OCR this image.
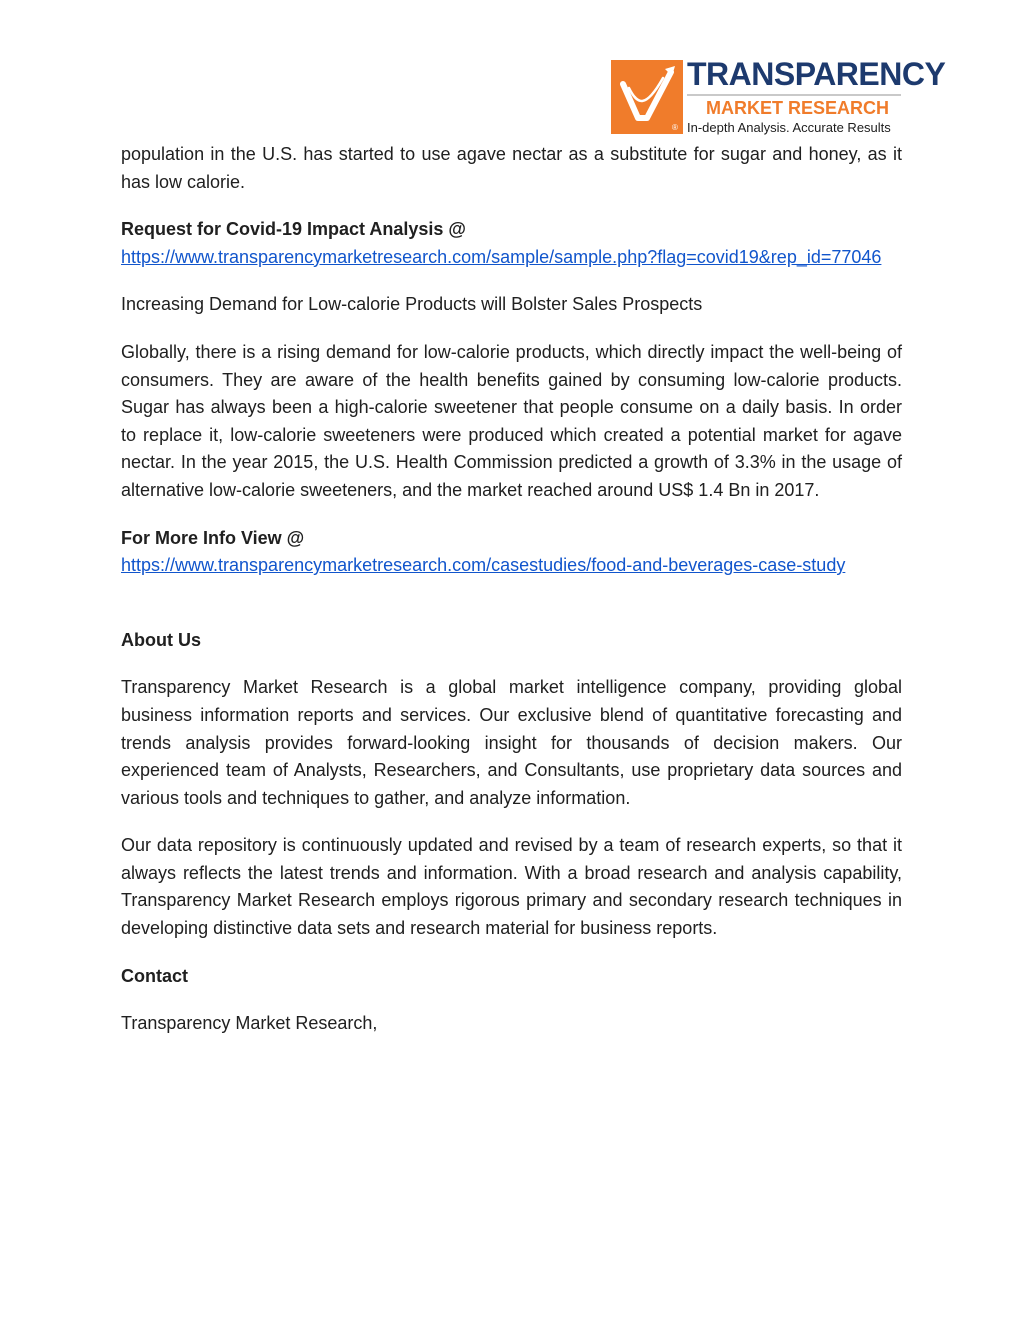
®
TRANSPARENCY
MARKET RESEARCH
In-depth Analysis. Accurate Results

population in the U.S. has started to use agave nectar as a substitute for sugar and honey, as it has low calorie.

Request for Covid-19 Impact Analysis @
https://www.transparencymarketresearch.com/sample/sample.php?flag=covid19&rep_id=77046

Increasing Demand for Low-calorie Products will Bolster Sales Prospects

Globally, there is a rising demand for low-calorie products, which directly impact the well-being of consumers. They are aware of the health benefits gained by consuming low-calorie products. Sugar has always been a high-calorie sweetener that people consume on a daily basis. In order to replace it, low-calorie sweeteners were produced which created a potential market for agave nectar. In the year 2015, the U.S. Health Commission predicted a growth of 3.3% in the usage of alternative low-calorie sweeteners, and the market reached around US$ 1.4 Bn in 2017.

For More Info View @
https://www.transparencymarketresearch.com/casestudies/food-and-beverages-case-study

About Us

Transparency Market Research is a global market intelligence company, providing global business information reports and services. Our exclusive blend of quantitative forecasting and trends analysis provides forward-looking insight for thousands of decision makers. Our experienced team of Analysts, Researchers, and Consultants, use proprietary data sources and various tools and techniques to gather, and analyze information.

Our data repository is continuously updated and revised by a team of research experts, so that it always reflects the latest trends and information. With a broad research and analysis capability, Transparency Market Research employs rigorous primary and secondary research techniques in developing distinctive data sets and research material for business reports.

Contact

Transparency Market Research,
